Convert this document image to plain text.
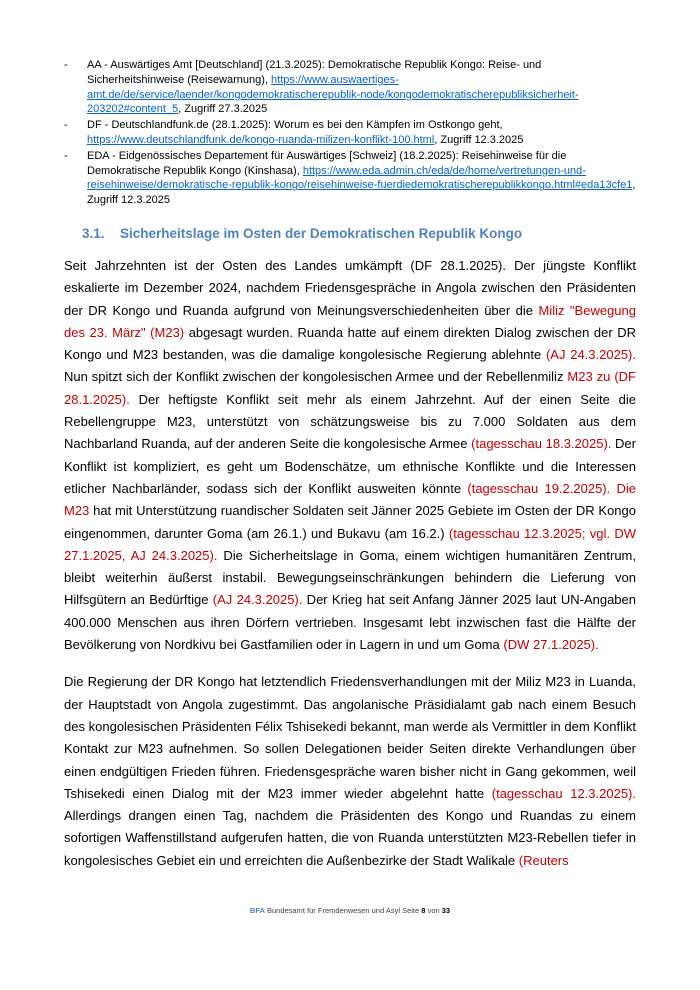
-	AA - Auswärtiges Amt [Deutschland] (21.3.2025): Demokratische Republik Kongo: Reise- und Sicherheitshinweise (Reisewarnung), https://www.auswaertiges-amt.de/de/service/laender/kongodemokratischerepublik-node/kongodemokratischerepubliksicherheit-203202#content_5, Zugriff 27.3.2025
-	DF - Deutschlandfunk.de (28.1.2025): Worum es bei den Kämpfen im Ostkongo geht, https://www.deutschlandfunk.de/kongo-ruanda-milizen-konflikt-100.html, Zugriff 12.3.2025
-	EDA - Eidgenössisches Departement für Auswärtiges [Schweiz] (18.2.2025): Reisehinweise für die Demokratische Republik Kongo (Kinshasa), https://www.eda.admin.ch/eda/de/home/vertretungen-und-reisehinweise/demokratische-republik-kongo/reisehinweise-fuerdiedemokratischerepublikkongo.html#eda13cfe1, Zugriff 12.3.2025
3.1.	Sicherheitslage im Osten der Demokratischen Republik Kongo

Seit Jahrzehnten ist der Osten des Landes umkämpft (DF 28.1.2025). Der jüngste Konflikt eskalierte im Dezember 2024, nachdem Friedensgespräche in Angola zwischen den Präsidenten der DR Kongo und Ruanda aufgrund von Meinungsverschiedenheiten über die Miliz "Bewegung des 23. März" (M23) abgesagt wurden. Ruanda hatte auf einem direkten Dialog zwischen der DR Kongo und M23 bestanden, was die damalige kongolesische Regierung ablehnte (AJ 24.3.2025). Nun spitzt sich der Konflikt zwischen der kongolesischen Armee und der Rebellenmiliz M23 zu (DF 28.1.2025). Der heftigste Konflikt seit mehr als einem Jahrzehnt. Auf der einen Seite die Rebellengruppe M23, unterstützt von schätzungsweise bis zu 7.000 Soldaten aus dem Nachbarland Ruanda, auf der anderen Seite die kongolesische Armee (tagesschau 18.3.2025). Der Konflikt ist kompliziert, es geht um Bodenschätze, um ethnische Konflikte und die Interessen etlicher Nachbarländer, sodass sich der Konflikt ausweiten könnte (tagesschau 19.2.2025). Die M23 hat mit Unterstützung ruandischer Soldaten seit Jänner 2025 Gebiete im Osten der DR Kongo eingenommen, darunter Goma (am 26.1.) und Bukavu (am 16.2.) (tagesschau 12.3.2025; vgl. DW 27.1.2025, AJ 24.3.2025). Die Sicherheitslage in Goma, einem wichtigen humanitären Zentrum, bleibt weiterhin äußerst instabil. Bewegungseinschränkungen behindern die Lieferung von Hilfsgütern an Bedürftige (AJ 24.3.2025). Der Krieg hat seit Anfang Jänner 2025 laut UN-Angaben 400.000 Menschen aus ihren Dörfern vertrieben. Insgesamt lebt inzwischen fast die Hälfte der Bevölkerung von Nordkivu bei Gastfamilien oder in Lagern in und um Goma (DW 27.1.2025).

Die Regierung der DR Kongo hat letztendlich Friedensverhandlungen mit der Miliz M23 in Luanda, der Hauptstadt von Angola zugestimmt. Das angolanische Präsidialamt gab nach einem Besuch des kongolesischen Präsidenten Félix Tshisekedi bekannt, man werde als Vermittler in dem Konflikt Kontakt zur M23 aufnehmen. So sollen Delegationen beider Seiten direkte Verhandlungen über einen endgültigen Frieden führen. Friedensgespräche waren bisher nicht in Gang gekommen, weil Tshisekedi einen Dialog mit der M23 immer wieder abgelehnt hatte (tagesschau 12.3.2025). Allerdings drangen einen Tag, nachdem die Präsidenten des Kongo und Ruandas zu einem sofortigen Waffenstillstand aufgerufen hatten, die von Ruanda unterstützten M23-Rebellen tiefer in kongolesisches Gebiet ein und erreichten die Außenbezirke der Stadt Walikale (Reuters

BFA Bundesamt für Fremdenwesen und Asyl Seite 8 von 33
